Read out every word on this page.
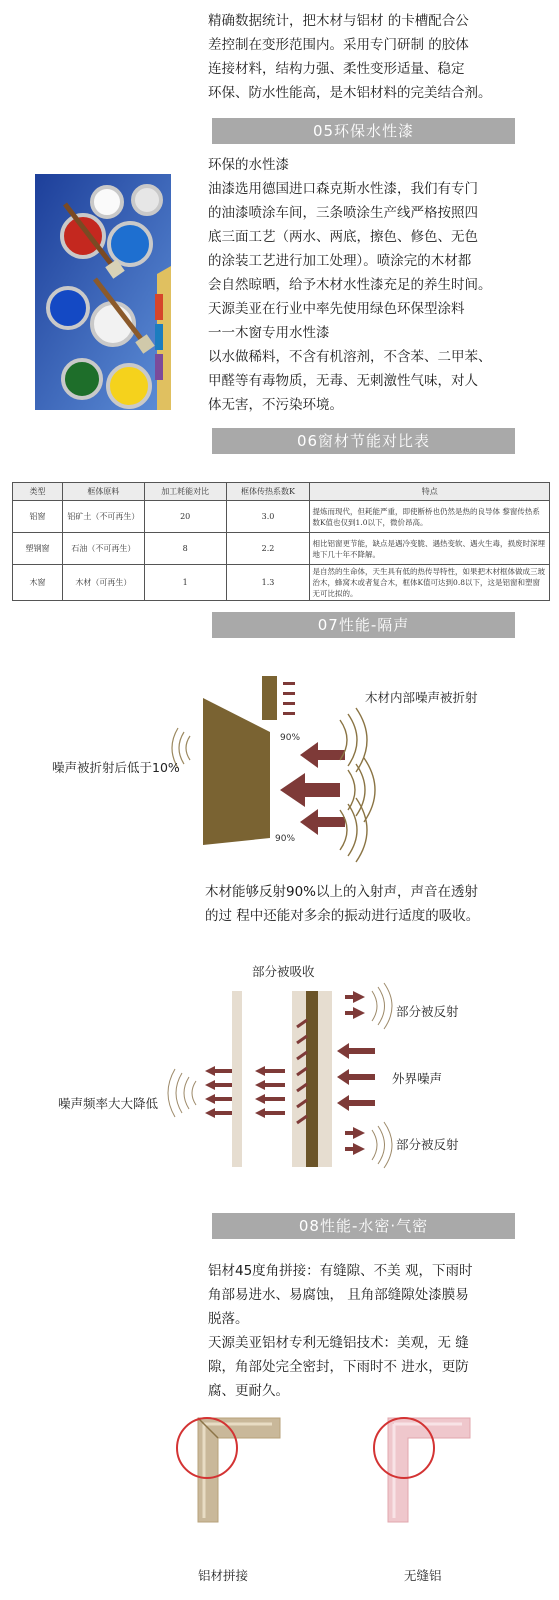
精确数据统计，把木材与铝材 的卡槽配合公
差控制在变形范围内。采用专门研制 的胶体
连接材料，结构力强、柔性变形适量、稳定
环保、防水性能高，是木铝材料的完美结合剂。
05环保水性漆
环保的水性漆
油漆选用德国进口森克斯水性漆，我们有专门
的油漆喷涂车间，三条喷涂生产线严格按照四
底三面工艺（两水、两底，擦色、修色、无色
的涂装工艺进行加工处理）。喷涂完的木材都
会自然晾晒，给予木材水性漆充足的养生时间。
天源美亚在行业中率先使用绿色环保型涂料
一一木窗专用水性漆
以水做稀料，不含有机溶剂，不含苯、二甲苯、
甲醛等有毒物质，无毒、无刺激性气味，对人
体无害，不污染环境。
06窗材节能对比表
类型	框体原料	加工耗能对比	框体传热系数K	特点
铝窗	铝矿土（不可再生）	20	3.0	提炼而现代，但耗能严重，即使断桥也仍然是热的良导体 黎窗传热系数K值也仅到1.0以下，微价昂高。
塑钢窗	石油（不可再生）	8	2.2	相比铝窗更节能，缺点是遇冷变脆、遇热变软、遇火生毒，损废时深埋地下几十年不降解。
木窗	木材（可再生）	1	1.3	是自然的生命体，天生具有低的热传导特性，如果把木材框体做成三玻治木，蜂窝木或者复合木，框体K值可达到0.8以下，这是铝窗和塑窗无可比拟的。
07性能-隔声
木材内部噪声被折射
噪声被折射后低于10%
90%
90%
木材能够反射90%以上的入射声，声音在透射
的过 程中还能对多余的振动进行适度的吸收。
部分被吸收
部分被反射
外界噪声
部分被反射
噪声频率大大降低
08性能-水密·气密
铝材45度角拼接：有缝隙、不美 观，下雨时
角部易进水、易腐蚀， 且角部缝隙处漆膜易
脱落。
天源美亚铝材专利无缝铝技术：美观，无 缝
隙，角部处完全密封，下雨时不 进水，更防
腐、更耐久。
铝材拼接	无缝铝
